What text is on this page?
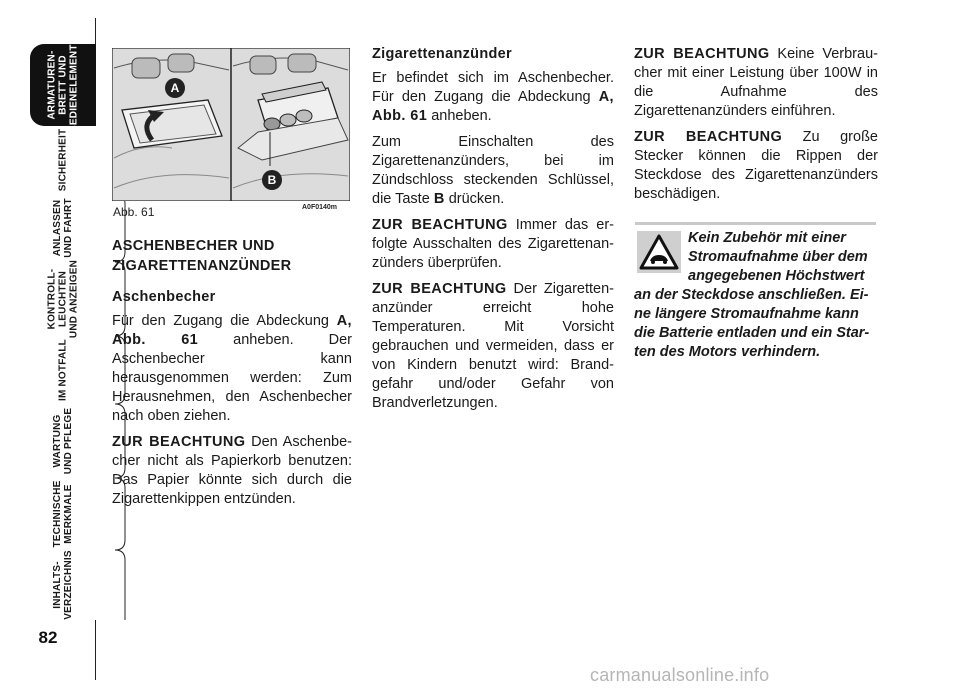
ARMATUREN-
BRETT UND
BEDIENELEMENTE
SICHERHEIT
ANLASSEN
UND FAHRT
KONTROLL-
LEUCHTEN
UND ANZEIGEN
IM NOTFALL
WARTUNG
UND PFLEGE
TECHNISCHE
MERKMALE
INHALTS-
VERZEICHNIS
82
A
B
Abb. 61	A0F0140m
ASCHENBECHER UND ZIGARETTENANZÜNDER
Aschenbecher

Für den Zugang die Abdeckung A, Abb. 61 anheben. Der Aschenbecher kann herausgenommen werden: Zum Herausnehmen, den Aschenbecher nach oben ziehen.

ZUR BEACHTUNG Den Aschenbecher nicht als Papierkorb benutzen: Das Papier könnte sich durch die Zigarettenkippen entzünden.

Zigarettenanzünder

Er befindet sich im Aschenbecher. Für den Zugang die Abdeckung A, Abb. 61 anheben.

Zum Einschalten des Zigarettenanzünders, bei im Zündschloss steckenden Schlüssel, die Taste B drücken.

ZUR BEACHTUNG Immer das erfolgte Ausschalten des Zigarettenanzünders überprüfen.

ZUR BEACHTUNG Der Zigarettenanzünder erreicht hohe Temperaturen. Mit Vorsicht gebrauchen und vermeiden, dass er von Kindern benutzt wird: Brandgefahr und/oder Gefahr von Brandverletzungen.

ZUR BEACHTUNG Keine Verbraucher mit einer Leistung über 100W in die Aufnahme des Zigarettenanzünders einführen.

ZUR BEACHTUNG Zu große Stecker können die Rippen der Steckdose des Zigarettenanzünders beschädigen.

Kein Zubehör mit einer
Stromaufnahme über dem
angegebenen Höchstwert
an der Steckdose anschließen. Ei-
ne längere Stromaufnahme kann
die Batterie entladen und ein Star-
ten des Motors verhindern.
carmanualsonline.info
